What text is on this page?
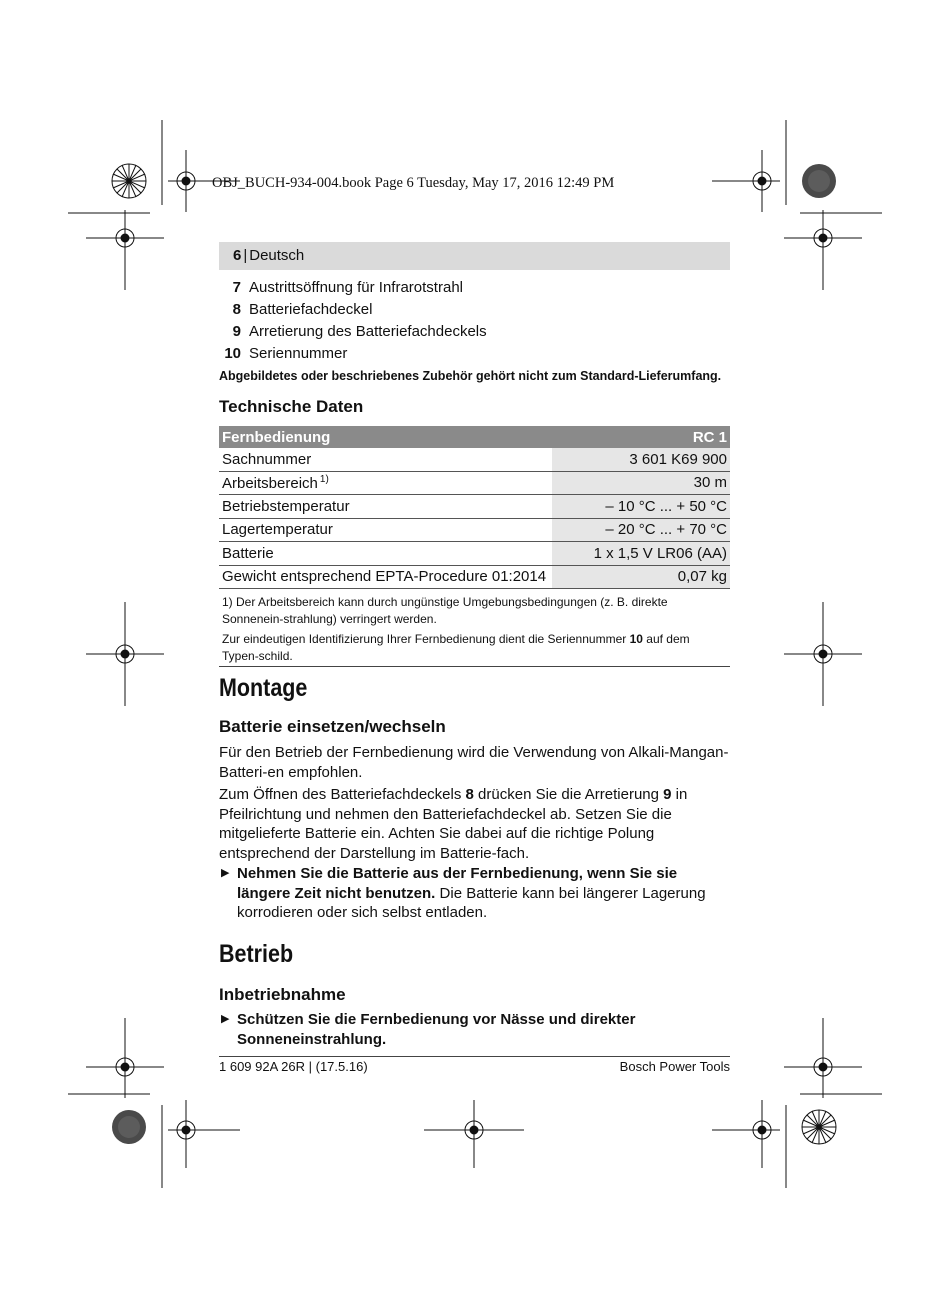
OBJ_BUCH-934-004.book Page 6 Tuesday, May 17, 2016 12:49 PM
6 | Deutsch
7 Austrittsöffnung für Infrarotstrahl
8 Batteriefachdeckel
9 Arretierung des Batteriefachdeckels
10 Seriennummer
Abgebildetes oder beschriebenes Zubehör gehört nicht zum Standard-Lieferumfang.
Technische Daten
Fernbedienung	RC 1
Sachnummer	3 601 K69 900
Arbeitsbereich $^{1)}$	30 m
Betriebstemperatur	– 10 °C ... + 50 °C
Lagertemperatur	– 20 °C ... + 70 °C
Batterie	1 x 1,5 V LR06 (AA)
Gewicht entsprechend EPTA-Procedure 01:2014	0,07 kg
1) Der Arbeitsbereich kann durch ungünstige Umgebungsbedingungen (z. B. direkte Sonnenein-strahlung) verringert werden.
Zur eindeutigen Identifizierung Ihrer Fernbedienung dient die Seriennummer 10 auf dem Typen-schild.
Montage
Batterie einsetzen/wechseln
Für den Betrieb der Fernbedienung wird die Verwendung von Alkali-Mangan-Batteri-en empfohlen.
Zum Öffnen des Batteriefachdeckels 8 drücken Sie die Arretierung 9 in Pfeilrichtung und nehmen den Batteriefachdeckel ab. Setzen Sie die mitgelieferte Batterie ein. Achten Sie dabei auf die richtige Polung entsprechend der Darstellung im Batterie-fach.
▶ Nehmen Sie die Batterie aus der Fernbedienung, wenn Sie sie längere Zeit nicht benutzen. Die Batterie kann bei längerer Lagerung korrodieren oder sich selbst entladen.
Betrieb
Inbetriebnahme
▶ Schützen Sie die Fernbedienung vor Nässe und direkter Sonneneinstrahlung.
1 609 92A 26R | (17.5.16)	Bosch Power Tools
